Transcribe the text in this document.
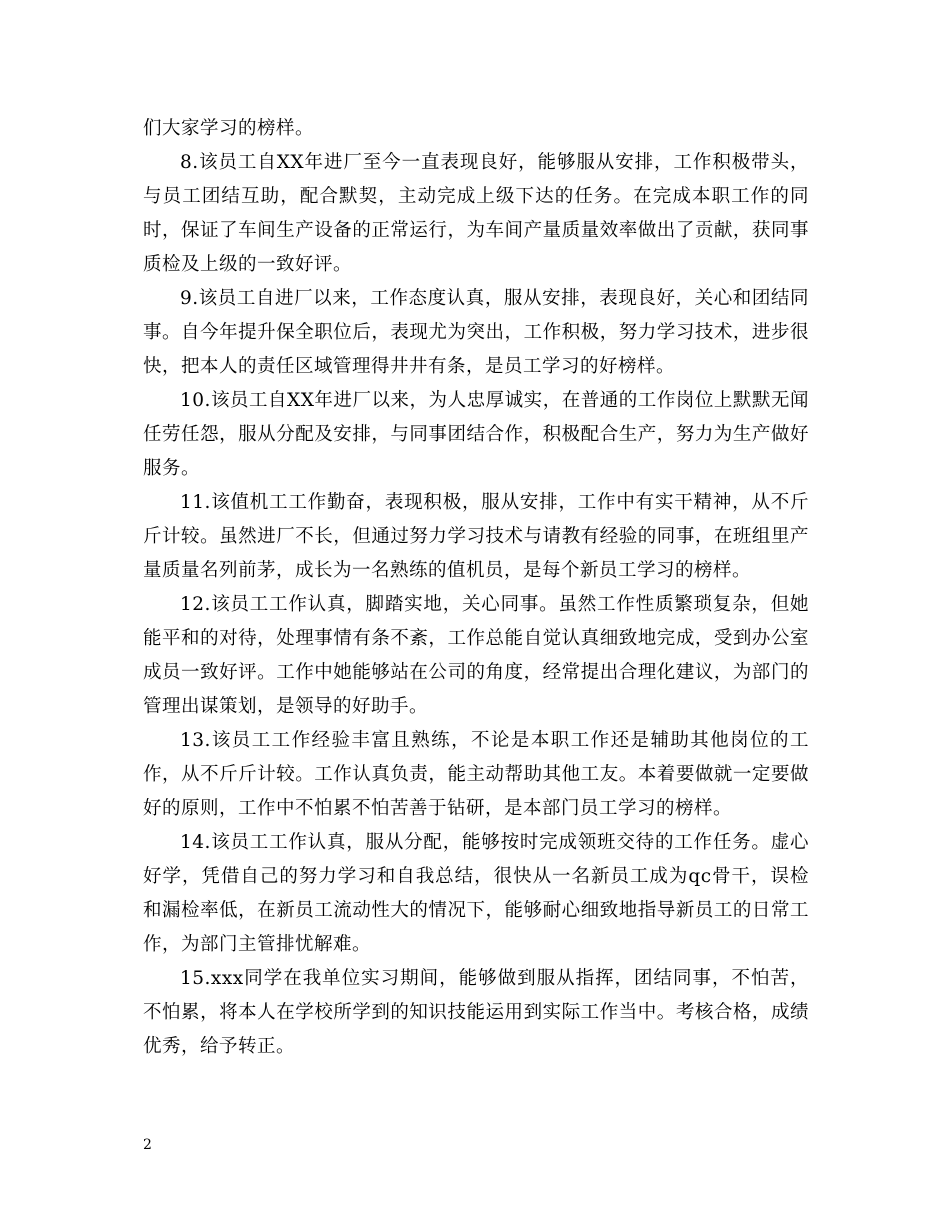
们大家学习的榜样。

8.该员工自XX年进厂至今一直表现良好，能够服从安排，工作积极带头，与员工团结互助，配合默契，主动完成上级下达的任务。在完成本职工作的同时，保证了车间生产设备的正常运行，为车间产量质量效率做出了贡献，获同事质检及上级的一致好评。

9.该员工自进厂以来，工作态度认真，服从安排，表现良好，关心和团结同事。自今年提升保全职位后，表现尤为突出，工作积极，努力学习技术，进步很快，把本人的责任区域管理得井井有条，是员工学习的好榜样。

10.该员工自XX年进厂以来，为人忠厚诚实，在普通的工作岗位上默默无闻任劳任怨，服从分配及安排，与同事团结合作，积极配合生产，努力为生产做好服务。

11.该值机工工作勤奋，表现积极，服从安排，工作中有实干精神，从不斤斤计较。虽然进厂不长，但通过努力学习技术与请教有经验的同事，在班组里产量质量名列前茅，成长为一名熟练的值机员，是每个新员工学习的榜样。

12.该员工工作认真，脚踏实地，关心同事。虽然工作性质繁琐复杂，但她能平和的对待，处理事情有条不紊，工作总能自觉认真细致地完成，受到办公室成员一致好评。工作中她能够站在公司的角度，经常提出合理化建议，为部门的管理出谋策划，是领导的好助手。

13.该员工工作经验丰富且熟练，不论是本职工作还是辅助其他岗位的工作，从不斤斤计较。工作认真负责，能主动帮助其他工友。本着要做就一定要做好的原则，工作中不怕累不怕苦善于钻研，是本部门员工学习的榜样。

14.该员工工作认真，服从分配，能够按时完成领班交待的工作任务。虚心好学，凭借自己的努力学习和自我总结，很快从一名新员工成为qc骨干，误检和漏检率低，在新员工流动性大的情况下，能够耐心细致地指导新员工的日常工作，为部门主管排忧解难。

15.xxx同学在我单位实习期间，能够做到服从指挥，团结同事，不怕苦，不怕累，将本人在学校所学到的知识技能运用到实际工作当中。考核合格，成绩优秀，给予转正。

2
